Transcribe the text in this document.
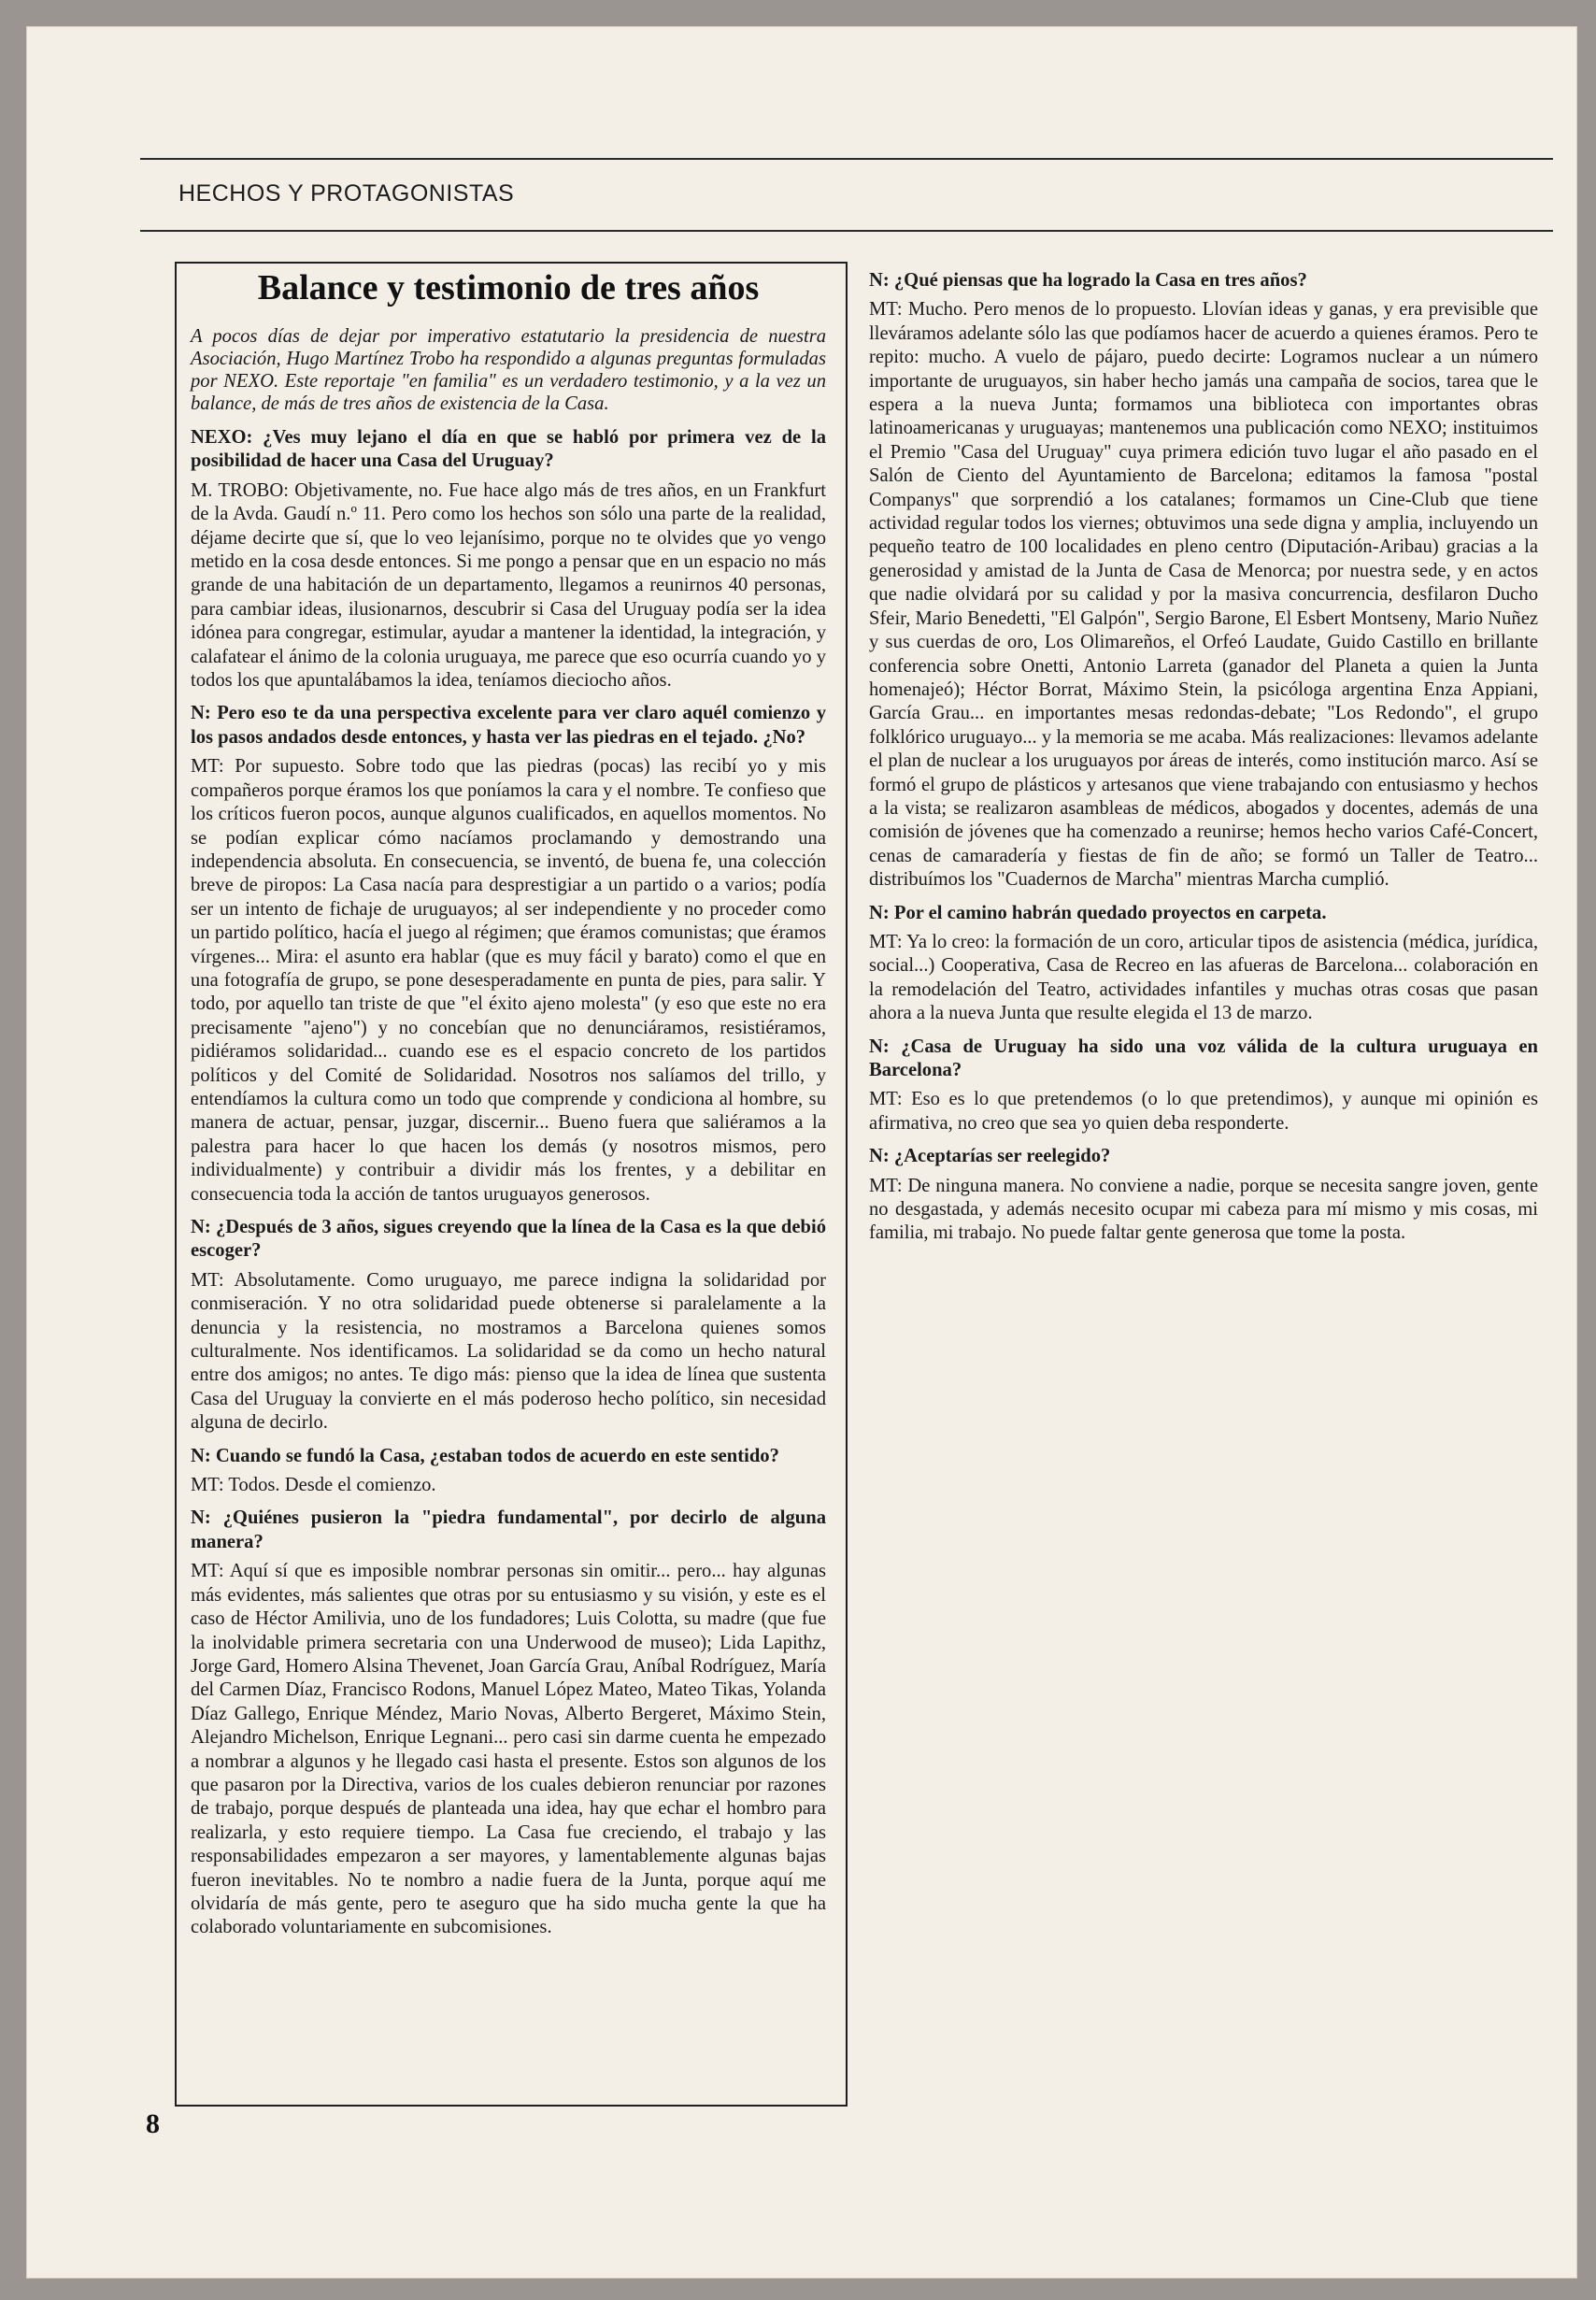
HECHOS Y PROTAGONISTAS
Balance y testimonio de tres años

A pocos días de dejar por imperativo estatutario la presidencia de nuestra Asociación, Hugo Martínez Trobo ha respondido a algunas preguntas formuladas por NEXO. Este reportaje "en familia" es un verdadero testimonio, y a la vez un balance, de más de tres años de existencia de la Casa.

NEXO: ¿Ves muy lejano el día en que se habló por primera vez de la posibilidad de hacer una Casa del Uruguay?

M. TROBO: Objetivamente, no. Fue hace algo más de tres años, en un Frankfurt de la Avda. Gaudí n.º 11. Pero como los hechos son sólo una parte de la realidad, déjame decirte que sí, que lo veo lejanísimo, porque no te olvides que yo vengo metido en la cosa desde entonces. Si me pongo a pensar que en un espacio no más grande de una habitación de un departamento, llegamos a reunirnos 40 personas, para cambiar ideas, ilusionarnos, descubrir si Casa del Uruguay podía ser la idea idónea para congregar, estimular, ayudar a mantener la identidad, la integración, y calafatear el ánimo de la colonia uruguaya, me parece que eso ocurría cuando yo y todos los que apuntalábamos la idea, teníamos dieciocho años.

N: Pero eso te da una perspectiva excelente para ver claro aquél comienzo y los pasos andados desde entonces, y hasta ver las piedras en el tejado. ¿No?

MT: Por supuesto. Sobre todo que las piedras (pocas) las recibí yo y mis compañeros porque éramos los que poníamos la cara y el nombre. Te confieso que los críticos fueron pocos, aunque algunos cualificados, en aquellos momentos. No se podían explicar cómo nacíamos proclamando y demostrando una independencia absoluta. En consecuencia, se inventó, de buena fe, una colección breve de piropos: La Casa nacía para desprestigiar a un partido o a varios; podía ser un intento de fichaje de uruguayos; al ser independiente y no proceder como un partido político, hacía el juego al régimen; que éramos comunistas; que éramos vírgenes... Mira: el asunto era hablar (que es muy fácil y barato) como el que en una fotografía de grupo, se pone desesperadamente en punta de pies, para salir. Y todo, por aquello tan triste de que "el éxito ajeno molesta" (y eso que este no era precisamente "ajeno") y no concebían que no denunciáramos, resistiéramos, pidiéramos solidaridad... cuando ese es el espacio concreto de los partidos políticos y del Comité de Solidaridad. Nosotros nos salíamos del trillo, y entendíamos la cultura como un todo que comprende y condiciona al hombre, su manera de actuar, pensar, juzgar, discernir... Bueno fuera que saliéramos a la palestra para hacer lo que hacen los demás (y nosotros mismos, pero individualmente) y contribuir a dividir más los frentes, y a debilitar en consecuencia toda la acción de tantos uruguayos generosos.

N: ¿Después de 3 años, sigues creyendo que la línea de la Casa es la que debió escoger?

MT: Absolutamente. Como uruguayo, me parece indigna la solidaridad por conmiseración. Y no otra solidaridad puede obtenerse si paralelamente a la denuncia y la resistencia, no mostramos a Barcelona quienes somos culturalmente. Nos identificamos. La solidaridad se da como un hecho natural entre dos amigos; no antes. Te digo más: pienso que la idea de línea que sustenta Casa del Uruguay la convierte en el más poderoso hecho político, sin necesidad alguna de decirlo.

N: Cuando se fundó la Casa, ¿estaban todos de acuerdo en este sentido?

MT: Todos. Desde el comienzo.

N: ¿Quiénes pusieron la "piedra fundamental", por decirlo de alguna manera?

MT: Aquí sí que es imposible nombrar personas sin omitir... pero... hay algunas más evidentes, más salientes que otras por su entusiasmo y su visión, y este es el caso de Héctor Amilivia, uno de los fundadores; Luis Colotta, su madre (que fue la inolvidable primera secretaria con una Underwood de museo); Lida Lapithz, Jorge Gard, Homero Alsina Thevenet, Joan García Grau, Aníbal Rodríguez, María del Carmen Díaz, Francisco Rodons, Manuel López Mateo, Mateo Tikas, Yolanda Díaz Gallego, Enrique Méndez, Mario Novas, Alberto Bergeret, Máximo Stein, Alejandro Michelson, Enrique Legnani... pero casi sin darme cuenta he empezado a nombrar a algunos y he llegado casi hasta el presente. Estos son algunos de los que pasaron por la Directiva, varios de los cuales debieron renunciar por razones de trabajo, porque después de planteada una idea, hay que echar el hombro para realizarla, y esto requiere tiempo. La Casa fue creciendo, el trabajo y las responsabilidades empezaron a ser mayores, y lamentablemente algunas bajas fueron inevitables. No te nombro a nadie fuera de la Junta, porque aquí me olvidaría de más gente, pero te aseguro que ha sido mucha gente la que ha colaborado voluntariamente en subcomisiones.

N: ¿Qué piensas que ha logrado la Casa en tres años?

MT: Mucho. Pero menos de lo propuesto. Llovían ideas y ganas, y era previsible que lleváramos adelante sólo las que podíamos hacer de acuerdo a quienes éramos. Pero te repito: mucho. A vuelo de pájaro, puedo decirte: Logramos nuclear a un número importante de uruguayos, sin haber hecho jamás una campaña de socios, tarea que le espera a la nueva Junta; formamos una biblioteca con importantes obras latinoamericanas y uruguayas; mantenemos una publicación como NEXO; instituimos el Premio "Casa del Uruguay" cuya primera edición tuvo lugar el año pasado en el Salón de Ciento del Ayuntamiento de Barcelona; editamos la famosa "postal Companys" que sorprendió a los catalanes; formamos un Cine-Club que tiene actividad regular todos los viernes; obtuvimos una sede digna y amplia, incluyendo un pequeño teatro de 100 localidades en pleno centro (Diputación-Aribau) gracias a la generosidad y amistad de la Junta de Casa de Menorca; por nuestra sede, y en actos que nadie olvidará por su calidad y por la masiva concurrencia, desfilaron Ducho Sfeir, Mario Benedetti, "El Galpón", Sergio Barone, El Esbert Montseny, Mario Nuñez y sus cuerdas de oro, Los Olimareños, el Orfeó Laudate, Guido Castillo en brillante conferencia sobre Onetti, Antonio Larreta (ganador del Planeta a quien la Junta homenajeó); Héctor Borrat, Máximo Stein, la psicóloga argentina Enza Appiani, García Grau... en importantes mesas redondas-debate; "Los Redondo", el grupo folklórico uruguayo... y la memoria se me acaba. Más realizaciones: llevamos adelante el plan de nuclear a los uruguayos por áreas de interés, como institución marco. Así se formó el grupo de plásticos y artesanos que viene trabajando con entusiasmo y hechos a la vista; se realizaron asambleas de médicos, abogados y docentes, además de una comisión de jóvenes que ha comenzado a reunirse; hemos hecho varios Café-Concert, cenas de camaradería y fiestas de fin de año; se formó un Taller de Teatro... distribuímos los "Cuadernos de Marcha" mientras Marcha cumplió.

N: Por el camino habrán quedado proyectos en carpeta.

MT: Ya lo creo: la formación de un coro, articular tipos de asistencia (médica, jurídica, social...) Cooperativa, Casa de Recreo en las afueras de Barcelona... colaboración en la remodelación del Teatro, actividades infantiles y muchas otras cosas que pasan ahora a la nueva Junta que resulte elegida el 13 de marzo.

N: ¿Casa de Uruguay ha sido una voz válida de la cultura uruguaya en Barcelona?

MT: Eso es lo que pretendemos (o lo que pretendimos), y aunque mi opinión es afirmativa, no creo que sea yo quien deba responderte.

N: ¿Aceptarías ser reelegido?

MT: De ninguna manera. No conviene a nadie, porque se necesita sangre joven, gente no desgastada, y además necesito ocupar mi cabeza para mí mismo y mis cosas, mi familia, mi trabajo. No puede faltar gente generosa que tome la posta.

8
